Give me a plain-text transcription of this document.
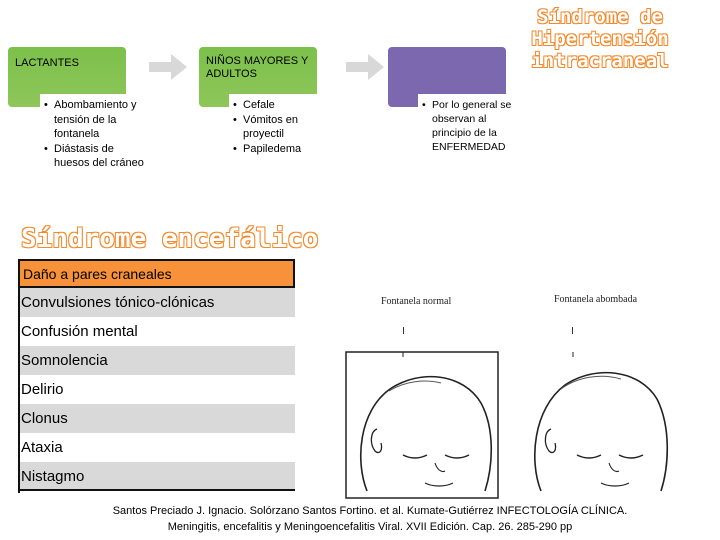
Síndrome de
Hipertensión
intracraneal
LACTANTES
• Abombamiento y tensión de la fontanela
• Diástasis de huesos del cráneo
NIÑOS MAYORES Y ADULTOS
• Cefale
• Vómitos en proyectil
• Papiledema
• Por lo general se observan al principio de la ENFERMEDAD
Síndrome encefálico
Daño a pares craneales
Convulsiones tónico-clónicas
Confusión mental
Somnolencia
Delirio
Clonus
Ataxia
Nistagmo
Fontanela normal	Fontanela abombada
Santos Preciado J. Ignacio. Solórzano Santos Fortino. et al. Kumate-Gutiérrez INFECTOLOGÍA CLÍNICA.
Meningitis, encefalitis y Meningoencefalitis Viral. XVII Edición. Cap. 26. 285-290 pp
